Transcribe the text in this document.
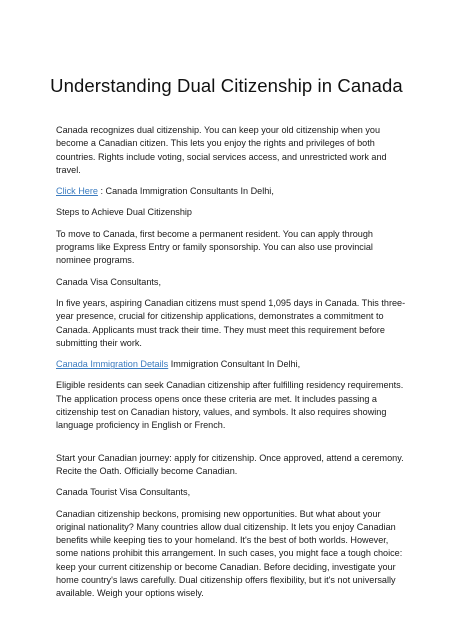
Understanding Dual Citizenship in Canada

Canada recognizes dual citizenship. You can keep your old citizenship when you become a Canadian citizen. This lets you enjoy the rights and privileges of both countries. Rights include voting, social services access, and unrestricted work and travel.

Click Here : Canada Immigration Consultants In Delhi,

Steps to Achieve Dual Citizenship

To move to Canada, first become a permanent resident. You can apply through programs like Express Entry or family sponsorship. You can also use provincial nominee programs.

Canada Visa Consultants,

In five years, aspiring Canadian citizens must spend 1,095 days in Canada. This three-year presence, crucial for citizenship applications, demonstrates a commitment to Canada. Applicants must track their time. They must meet this requirement before submitting their work.

Canada Immigration Details Immigration Consultant In Delhi,

Eligible residents can seek Canadian citizenship after fulfilling residency requirements. The application process opens once these criteria are met. It includes passing a citizenship test on Canadian history, values, and symbols. It also requires showing language proficiency in English or French.

Start your Canadian journey: apply for citizenship. Once approved, attend a ceremony. Recite the Oath. Officially become Canadian.

Canada Tourist Visa Consultants,

Canadian citizenship beckons, promising new opportunities. But what about your original nationality? Many countries allow dual citizenship. It lets you enjoy Canadian benefits while keeping ties to your homeland. It's the best of both worlds. However, some nations prohibit this arrangement. In such cases, you might face a tough choice: keep your current citizenship or become Canadian. Before deciding, investigate your home country's laws carefully. Dual citizenship offers flexibility, but it's not universally available. Weigh your options wisely.
